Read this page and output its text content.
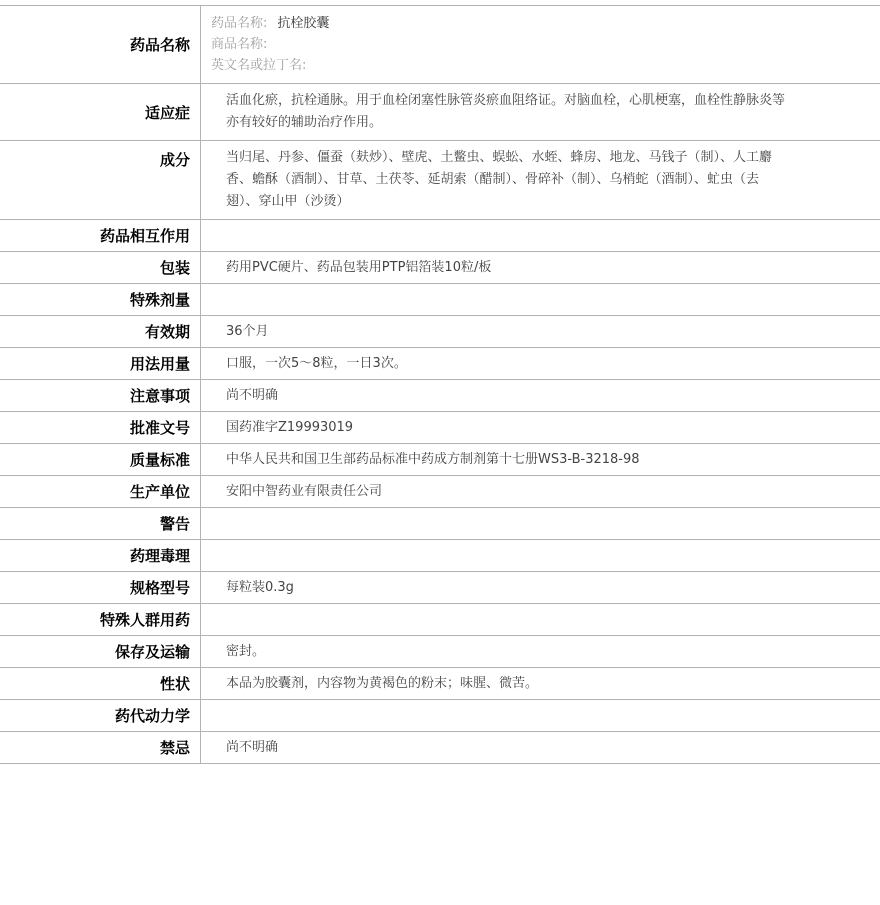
药品名称	药品名称: 抗栓胶囊
商品名称:
英文名或拉丁名:

适应症	活血化瘀，抗栓通脉。用于血栓闭塞性脉管炎瘀血阻络证。对脑血栓，心肌梗塞，血栓性静脉炎等亦有较好的辅助治疗作用。
成分	当归尾、丹参、僵蚕（麸炒）、壁虎、土鳖虫、蜈蚣、水蛭、蜂房、地龙、马钱子（制）、人工麝香、蟾酥（酒制）、甘草、土茯苓、延胡索（醋制）、骨碎补（制）、乌梢蛇（酒制）、虻虫（去翅）、穿山甲（沙烫）
药品相互作用	
包装	药用PVC硬片、药品包装用PTP铝箔装10粒/板
特殊剂量	
有效期	36个月
用法用量	口服，一次5～8粒，一日3次。
注意事项	尚不明确
批准文号	国药准字Z19993019
质量标准	中华人民共和国卫生部药品标准中药成方制剂第十七册WS3-B-3218-98
生产单位	安阳中智药业有限责任公司
警告	
药理毒理	
规格型号	每粒装0.3g
特殊人群用药	
保存及运输	密封。
性状	本品为胶囊剂，内容物为黄褐色的粉末；味腥、微苦。
药代动力学	
禁忌	尚不明确
